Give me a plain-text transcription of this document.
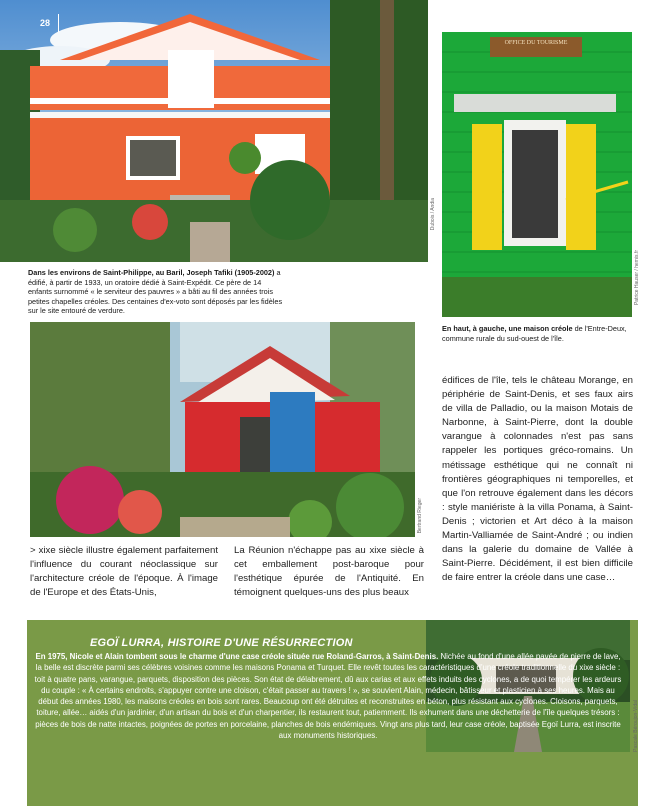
28
Dubois / Andia
OFFICE DU TOURISME
Patrice Hauser / hemis.fr
Dans les environs de Saint-Philippe, au Baril, Joseph Tafiki (1905-2002) a édifié, à partir de 1933, un oratoire dédié à Saint-Expédit. Ce père de 14 enfants surnommé « le serviteur des pauvres » a bâti au fil des années trois petites chapelles créoles. Des centaines d'ex-voto sont déposés par les fidèles sur le site entouré de verdure.
En haut, à gauche, une maison créole de l'Entre-Deux, commune rurale du sud-ouest de l'île.
Bertrand Rieger

> xixe siècle illustre également parfaitement l'influence du courant néoclassique sur l'architecture créole de l'époque. À l'image de l'Europe et des États-Unis,

La Réunion n'échappe pas au xixe siècle à cet emballement post-baroque pour l'esthétique épurée de l'Antiquité. En témoignent quelques-uns des plus beaux

édifices de l'île, tels le château Morange, en périphérie de Saint-Denis, et ses faux airs de villa de Palladio, ou la maison Motais de Narbonne, à Saint-Pierre, dont la double varangue à colonnades n'est pas sans rappeler les portiques gréco-romains. Un métissage esthétique qui ne connaît ni frontières géographiques ni temporelles, et que l'on retrouve également dans les décors : style maniériste à la villa Ponama, à Saint-Denis ; victorien et Art déco à la maison Martin-Valliamée de Saint-André ; ou indien dans la galerie du domaine de Vallée à Saint-Pierre. Décidément, il est bien difficile de faire entrer la créole dans une case…

Pascale Béroujon-Vidal
EGOÏ LURRA, HISTOIRE D'UNE RÉSURRECTION
En 1975, Nicole et Alain tombent sous le charme d'une case créole située rue Roland-Garros, à Saint-Denis. Nichée au fond d'une allée pavée de pierre de lave, la belle est discrète parmi ses célèbres voisines comme les maisons Ponama et Turquet. Elle revêt toutes les caractéristiques d'une créole traditionnelle du xixe siècle : toit à quatre pans, varangue, parquets, disposition des pièces. Son état de délabrement, dû aux carias et aux effets induits des cyclones, a de quoi tempérer les ardeurs du couple : « À certains endroits, s'appuyer contre une cloison, c'était passer au travers ! », se souvient Alain, médecin, bâtisseur et plasticien à ses heures. Mais au début des années 1980, les maisons créoles en bois sont rares. Beaucoup ont été détruites et reconstruites en béton, plus résistant aux cyclones. Cloisons, parquets, toiture, allée… aidés d'un jardinier, d'un artisan du bois et d'un charpentier, ils restaurent tout, patiemment. Ils exhument dans une déchetterie de l'île quelques trésors : pièces de bois de natte intactes, poignées de portes en porcelaine, planches de bois endémiques. Vingt ans plus tard, leur case créole, baptisée Egoï Lurra, est inscrite aux monuments historiques.
